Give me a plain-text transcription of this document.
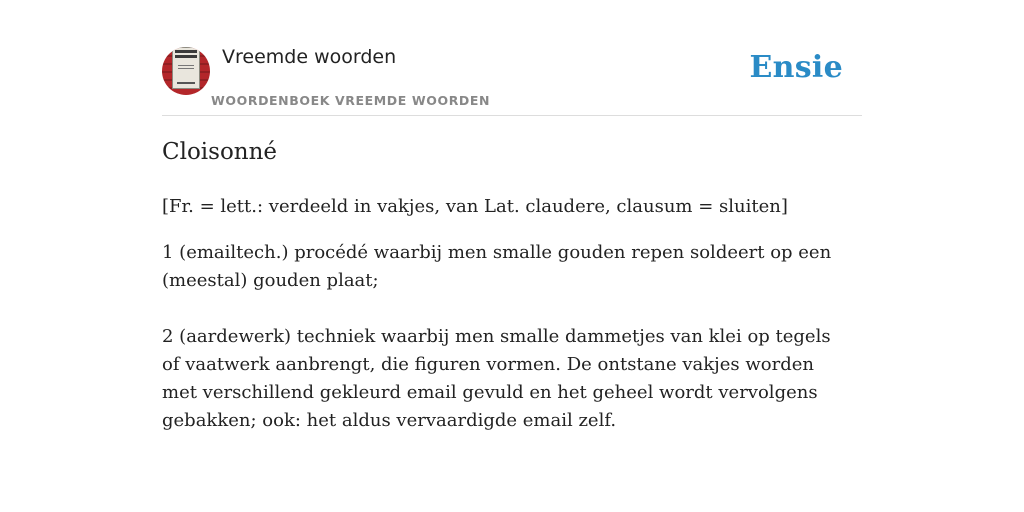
Vreemde woorden
WOORDENBOEK VREEMDE WOORDEN
Ensie
Cloisonné
[Fr. = lett.: verdeeld in vakjes, van Lat. claudere, clausum = sluiten]

1 (emailtech.) procédé waarbij men smalle gouden repen soldeert op een (meestal) gouden plaat;

2 (aardewerk) techniek waarbij men smalle dammetjes van klei op tegels of vaatwerk aanbrengt, die figuren vormen. De ontstane vakjes worden met verschillend gekleurd email gevuld en het geheel wordt vervolgens gebakken; ook: het aldus vervaardigde email zelf.
